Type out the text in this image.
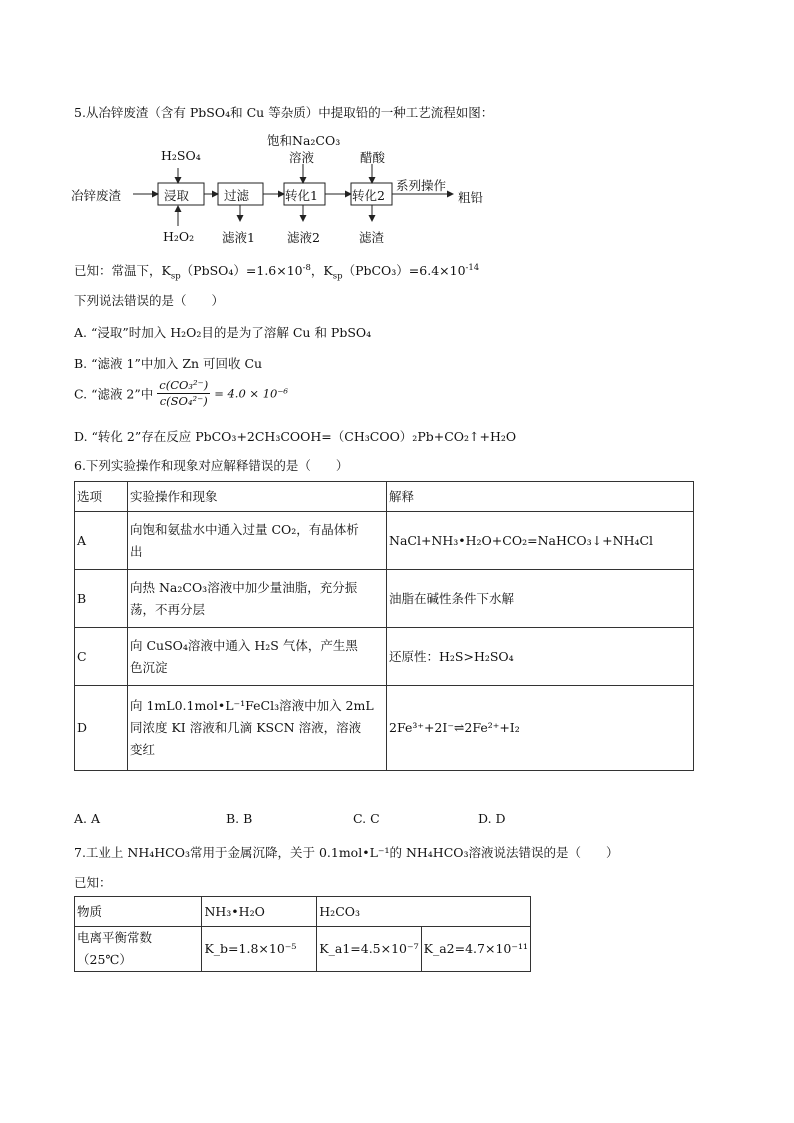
5.从冶锌废渣（含有 PbSO₄和 Cu 等杂质）中提取铅的一种工艺流程如图：
冶锌废渣
H₂SO₄
H₂O₂
浸取	过滤
滤液1
饱和Na₂CO₃
溶液
转化1
滤液2
醋酸
转化2
滤渣
系列操作
粗铅
已知：常温下，$K_{sp}(PbSO_4)=1.6\times 10^{-8}$，$K_{sp}(PbCO_3)=6.4\times 10^{-14}$
下列说法错误的是（　　）
A. “浸取”时加入 H₂O₂目的是为了溶解 Cu 和 PbSO₄
B. “滤液 1”中加入 Zn 可回收 Cu
C. “滤液 2”中 $\frac{\text{c(CO₃²⁻)}}{\text{c(SO₄²⁻)}} = 4.0 \times 10^{-6}$
D. “转化 2”存在反应 PbCO₃+2CH₃COOH=（CH₃COO）₂Pb+CO₂↑+H₂O
6.下列实验操作和现象对应解释错误的是（　　）
选项	实验操作和现象	解释
A	向饱和氨盐水中通入过量 CO₂，有晶体析
出	NaCl+NH₃•H₂O+CO₂=NaHCO₃↓+NH₄Cl
B	向热 Na₂CO₃溶液中加少量油脂，充分振
荡，不再分层	油脂在碱性条件下水解
C	向 CuSO₄溶液中通入 H₂S 气体，产生黑
色沉淀	还原性：H₂S>H₂SO₄
D	向 1mL0.1mol•L⁻¹FeCl₃溶液中加入 2mL
同浓度 KI 溶液和几滴 KSCN 溶液，溶液
变红	2Fe³⁺+2I⁻⇌2Fe²⁺+I₂
A. A	B. B	C. C	D. D
7.工业上 NH₄HCO₃常用于金属沉降，关于 0.1mol•L⁻¹的 NH₄HCO₃溶液说法错误的是（　　）
已知：
物质	NH₃•H₂O	H₂CO₃	
电离平衡常数（25℃）	K_b=1.8×10⁻⁵	K_a1=4.5×10⁻⁷	K_a2=4.7×10⁻¹¹
